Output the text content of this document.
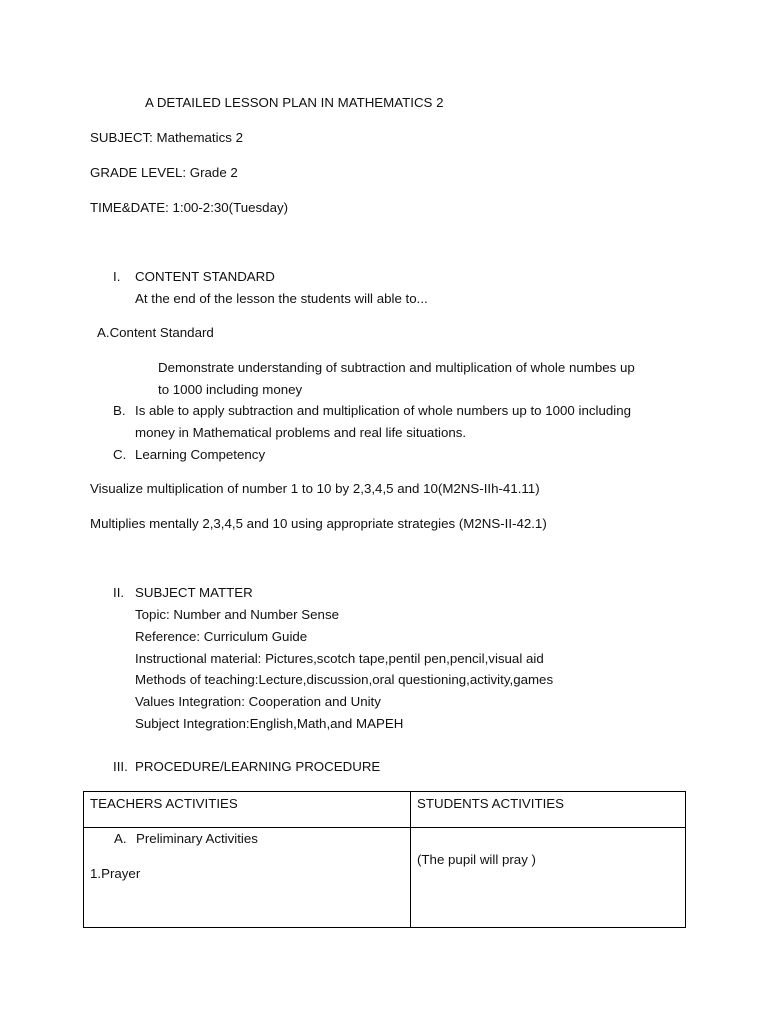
A DETAILED LESSON PLAN IN MATHEMATICS 2
SUBJECT: Mathematics 2
GRADE LEVEL: Grade 2
TIME&DATE: 1:00-2:30(Tuesday)
I. CONTENT STANDARD
At the end of the lesson the students will able to...
A.Content Standard
Demonstrate understanding of subtraction and multiplication of whole numbes up
to 1000 including money
B. Is able to apply subtraction and multiplication of whole numbers up to 1000 including
money in Mathematical problems and real life situations.
C. Learning Competency
Visualize multiplication of number 1 to 10 by 2,3,4,5 and 10(M2NS-IIh-41.11)
Multiplies mentally 2,3,4,5 and 10 using appropriate strategies (M2NS-II-42.1)
II. SUBJECT MATTER
Topic: Number and Number Sense
Reference: Curriculum Guide
Instructional material: Pictures,scotch tape,pentil pen,pencil,visual aid
Methods of teaching:Lecture,discussion,oral questioning,activity,games
Values Integration: Cooperation and Unity
Subject Integration:English,Math,and MAPEH
III. PROCEDURE/LEARNING PROCEDURE
TEACHERS ACTIVITIES	STUDENTS ACTIVITIES

A. Preliminary Activities
1.Prayer	(The pupil will pray )
